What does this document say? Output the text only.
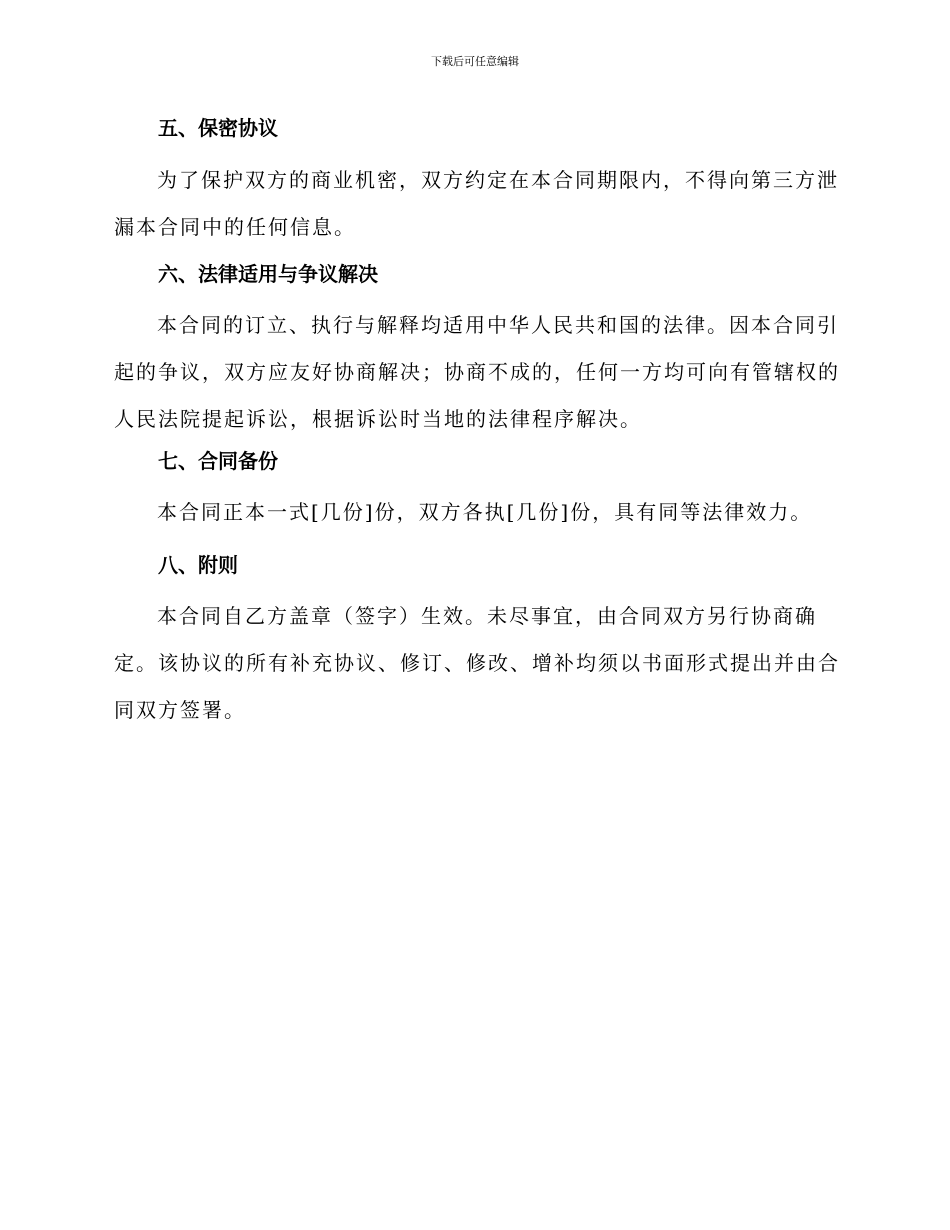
下载后可任意编辑
五、保密协议
为了保护双方的商业机密，双方约定在本合同期限内，不得向第三方泄
漏本合同中的任何信息。
六、法律适用与争议解决
本合同的订立、执行与解释均适用中华人民共和国的法律。因本合同引
起的争议，双方应友好协商解决；协商不成的，任何一方均可向有管辖权的
人民法院提起诉讼，根据诉讼时当地的法律程序解决。
七、合同备份
本合同正本一式[几份]份，双方各执[几份]份，具有同等法律效力。
八、附则
本合同自乙方盖章（签字）生效。未尽事宜，由合同双方另行协商确
定。该协议的所有补充协议、修订、修改、增补均须以书面形式提出并由合
同双方签署。
